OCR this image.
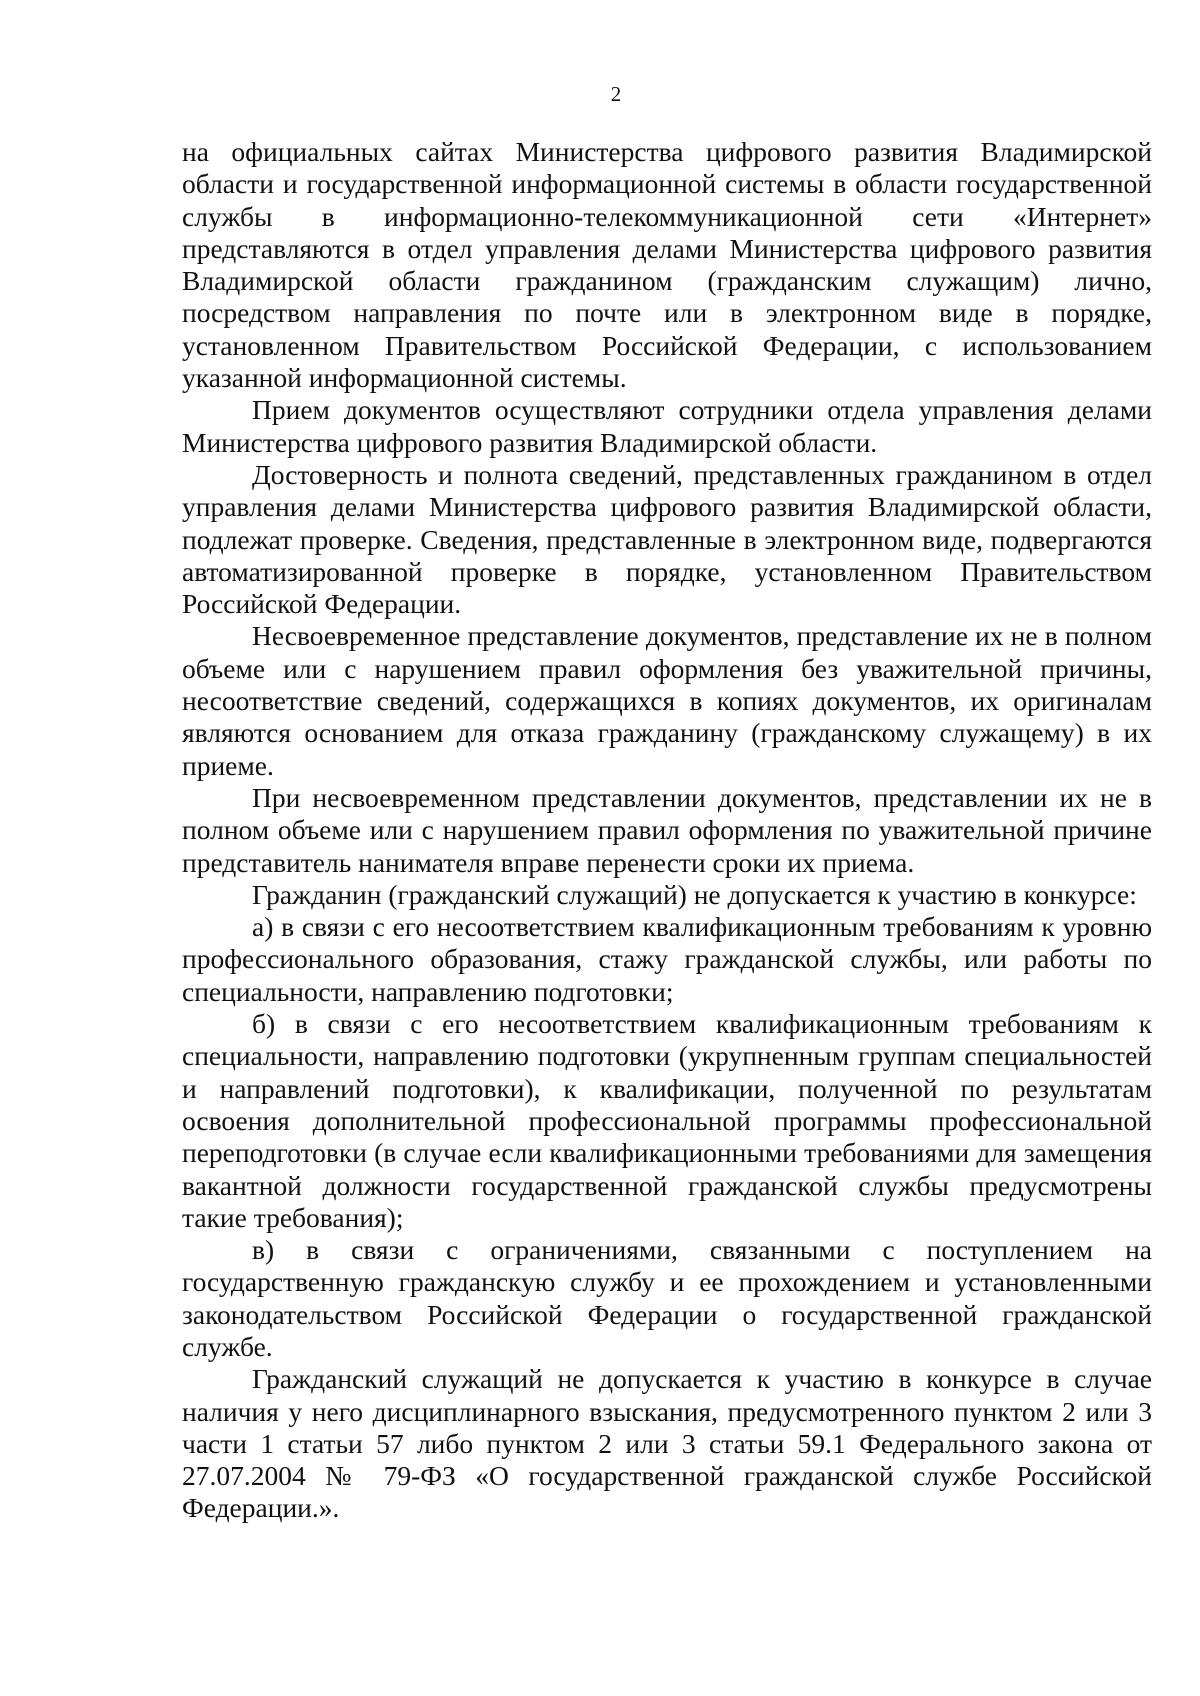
2

на официальных сайтах Министерства цифрового развития Владимирской области и государственной информационной системы в области государственной службы в информационно-телекоммуникационной сети «Интернет» представляются в отдел управления делами Министерства цифрового развития Владимирской области гражданином (гражданским служащим) лично, посредством направления по почте или в электронном виде в порядке, установленном Правительством Российской Федерации, с использованием указанной информационной системы.

Прием документов осуществляют сотрудники отдела управления делами Министерства цифрового развития Владимирской области.

Достоверность и полнота сведений, представленных гражданином в отдел управления делами Министерства цифрового развития Владимирской области, подлежат проверке. Сведения, представленные в электронном виде, подвергаются автоматизированной проверке в порядке, установленном Правительством Российской Федерации.

Несвоевременное представление документов, представление их не в полном объеме или с нарушением правил оформления без уважительной причины, несоответствие сведений, содержащихся в копиях документов, их оригиналам являются основанием для отказа гражданину (гражданскому служащему) в их приеме.

При несвоевременном представлении документов, представлении их не в полном объеме или с нарушением правил оформления по уважительной причине представитель нанимателя вправе перенести сроки их приема.

Гражданин (гражданский служащий) не допускается к участию в конкурсе:

а) в связи с его несоответствием квалификационным требованиям к уровню профессионального образования, стажу гражданской службы, или работы по специальности, направлению подготовки;

б) в связи с его несоответствием квалификационным требованиям к специальности, направлению подготовки (укрупненным группам специальностей и направлений подготовки), к квалификации, полученной по результатам освоения дополнительной профессиональной программы профессиональной переподготовки (в случае если квалификационными требованиями для замещения вакантной должности государственной гражданской службы предусмотрены такие требования);

в) в связи с ограничениями, связанными с поступлением на государственную гражданскую службу и ее прохождением и установленными законодательством Российской Федерации о государственной гражданской службе.

Гражданский служащий не допускается к участию в конкурсе в случае наличия у него дисциплинарного взыскания, предусмотренного пунктом 2 или 3 части 1 статьи 57 либо пунктом 2 или 3 статьи 59.1 Федерального закона от 27.07.2004 № 79-ФЗ «О государственной гражданской службе Российской Федерации.».
